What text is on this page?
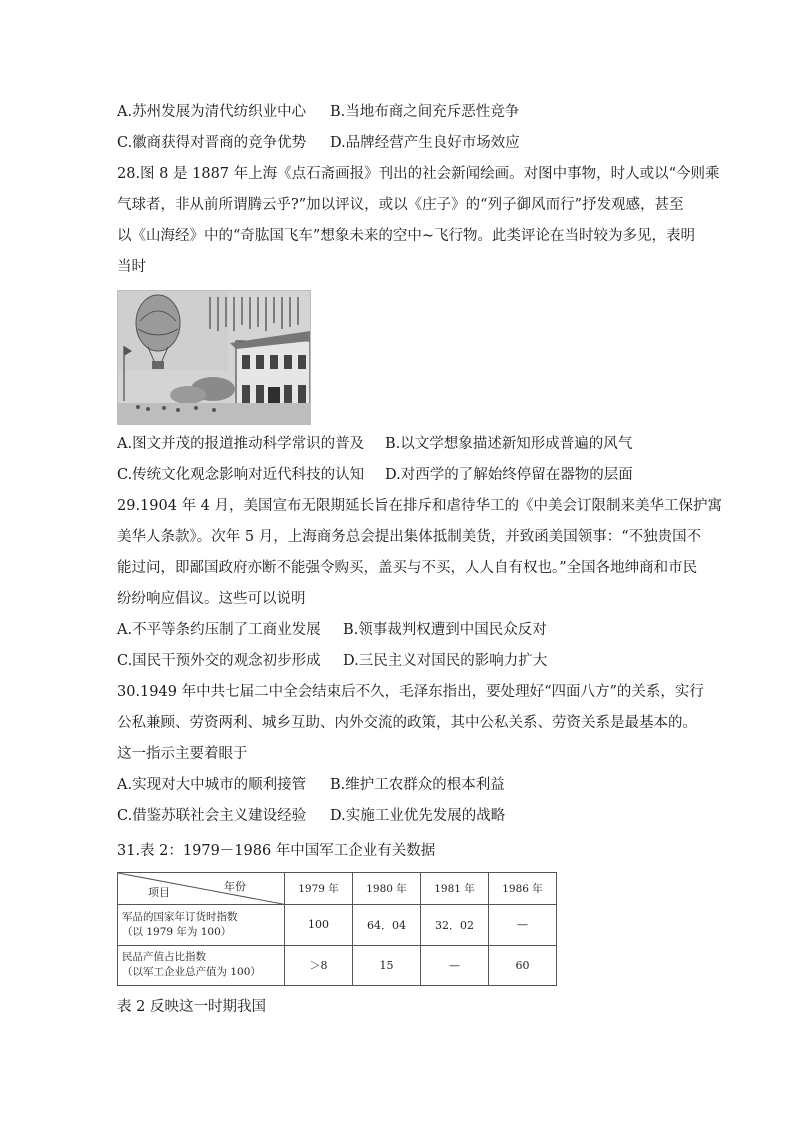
A.苏州发展为清代纺织业中心 B.当地布商之间充斥恶性竞争
C.徽商获得对晋商的竞争优势 D.品牌经营产生良好市场效应
28.图 8 是 1887 年上海《点石斋画报》刊出的社会新闻绘画。对图中事物，时人或以“今则乘
气球者，非从前所谓腾云乎?”加以评议，或以《庄子》的“列子御风而行”抒发观感，甚至
以《山海经》中的“奇肱国飞车”想象未来的空中~飞行物。此类评论在当时较为多见，表明
当时
A.图文并茂的报道推动科学常识的普及 B.以文学想象描述新知形成普遍的风气
C.传统文化观念影响对近代科技的认知 D.对西学的了解始终停留在器物的层面
29.1904 年 4 月，美国宣布无限期延长旨在排斥和虐待华工的《中美会订限制来美华工保护寓
美华人条款》。次年 5 月，上海商务总会提出集体抵制美货，并致函美国领事：“不独贵国不
能过问，即鄙国政府亦断不能强令购买，盖买与不买，人人自有权也。”全国各地绅商和市民
纷纷响应倡议。这些可以说明
A.不平等条约压制了工商业发展 B.领事裁判权遭到中国民众反对
C.国民干预外交的观念初步形成 D.三民主义对国民的影响力扩大
30.1949 年中共七届二中全会结束后不久，毛泽东指出，要处理好“四面八方”的关系，实行
公私兼顾、劳资两利、城乡互助、内外交流的政策，其中公私关系、劳资关系是最基本的。
这一指示主要着眼于
A.实现对大中城市的顺利接管 B.维护工农群众的根本利益
C.借鉴苏联社会主义建设经验 D.实施工业优先发展的战略
31.表 2：1979－1986 年中国军工企业有关数据
年份
项目	1979 年	1980 年	1981 年	1986 年

军品的国家年订货时指数
（以 1979 年为 100）	100	64．04	32．02	—

民品产值占比指数
（以军工企业总产值为 100）	＞8	15	—	60
表 2 反映这一时期我国
